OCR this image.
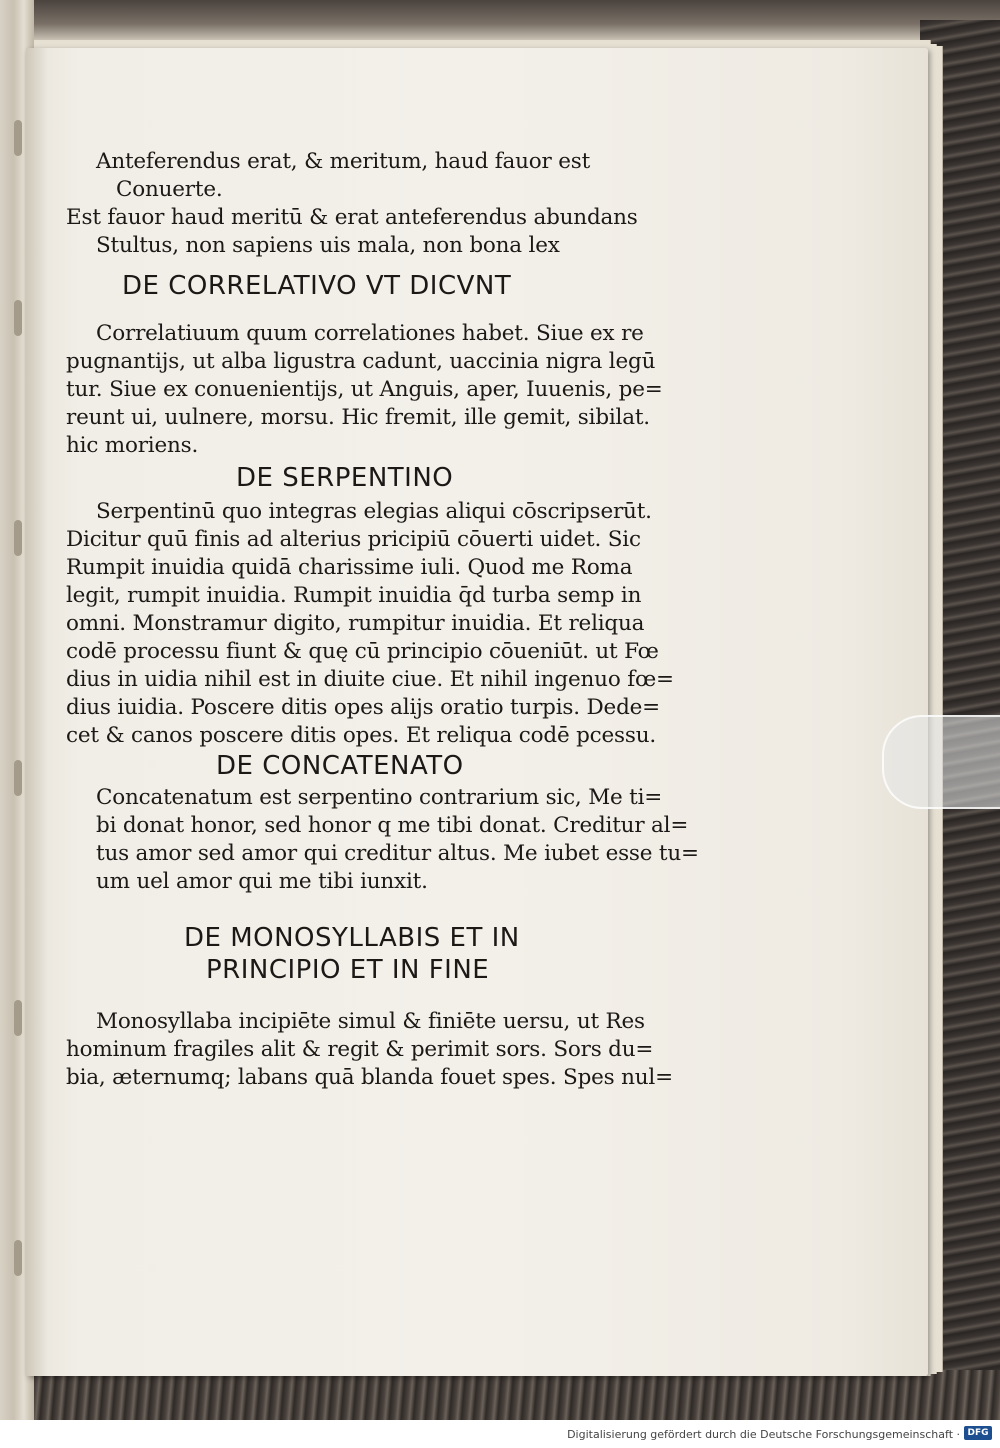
Anteferendus erat, & meritum, haud fauor est

Conuerte.

Est fauor haud meritū & erat anteferendus abundans

Stultus, non sapiens uis mala, non bona lex

DE CORRELATIVO VT DICVNT

Correlatiuum quum correlationes habet. Siue ex re

pugnantijs, ut alba ligustra cadunt, uaccinia nigra legū

tur. Siue ex conuenientijs, ut Anguis, aper, Iuuenis, pe=

reunt ui, uulnere, morsu. Hic fremit, ille gemit, sibilat.

hic moriens.

DE SERPENTINO

Serpentinū quo integras elegias aliqui cōscripserūt.

Dicitur quū finis ad alterius pricipiū cōuerti uidet. Sic

Rumpit inuidia quidā charissime iuli. Quod me Roma

legit, rumpit inuidia. Rumpit inuidia q̄d turba semp in

omni. Monstramur digito, rumpitur inuidia. Et reliqua

codē processu fiunt & quę cū principio cōueniūt. ut Fœ

dius in uidia nihil est in diuite ciue. Et nihil ingenuo fœ=

dius iuidia. Poscere ditis opes alijs oratio turpis. Dede=

cet & canos poscere ditis opes. Et reliqua codē pcessu.

DE CONCATENATO

Concatenatum est serpentino contrarium sic, Me ti=

bi donat honor, sed honor q me tibi donat. Creditur al=

tus amor sed amor qui creditur altus. Me iubet esse tu=

um uel amor qui me tibi iunxit.

DE MONOSYLLABIS ET IN

PRINCIPIO ET IN FINE

Monosyllaba incipiēte simul & finiēte uersu, ut Res

hominum fragiles alit & regit & perimit sors. Sors du=

bia, æternumq; labans quā blanda fouet spes. Spes nul=

Digitalisierung gefördert durch die Deutsche Forschungsgemeinschaft · DFG
